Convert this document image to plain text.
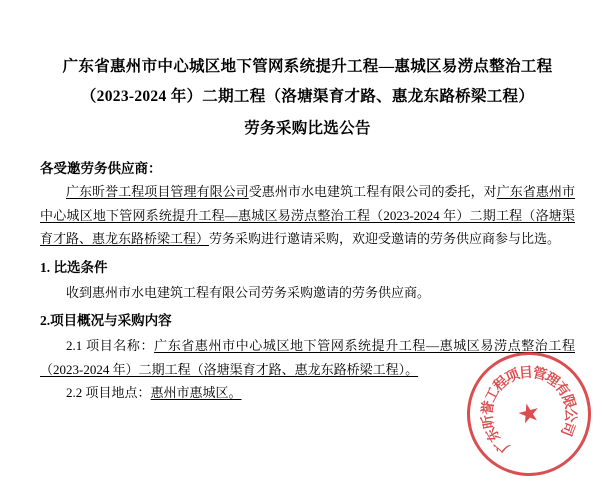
广东省惠州市中心城区地下管网系统提升工程—惠城区易涝点整治工程
（2023-2024 年）二期工程（洛塘渠育才路、惠龙东路桥梁工程）
劳务采购比选公告
各受邀劳务供应商：
广东昕誉工程项目管理有限公司受惠州市水电建筑工程有限公司的委托，对广东省惠州市中心城区地下管网系统提升工程—惠城区易涝点整治工程（2023-2024 年）二期工程（洛塘渠育才路、惠龙东路桥梁工程）劳务采购进行邀请采购，欢迎受邀请的劳务供应商参与比选。
1. 比选条件
收到惠州市水电建筑工程有限公司劳务采购邀请的劳务供应商。
2.项目概况与采购内容
2.1 项目名称：广东省惠州市中心城区地下管网系统提升工程—惠城区易涝点整治工程（2023-2024 年）二期工程（洛塘渠育才路、惠龙东路桥梁工程）。
2.2 项目地点：惠州市惠城区。
★
广
东
昕
誉
工
程
项
目
管
理
有
限
公
司
